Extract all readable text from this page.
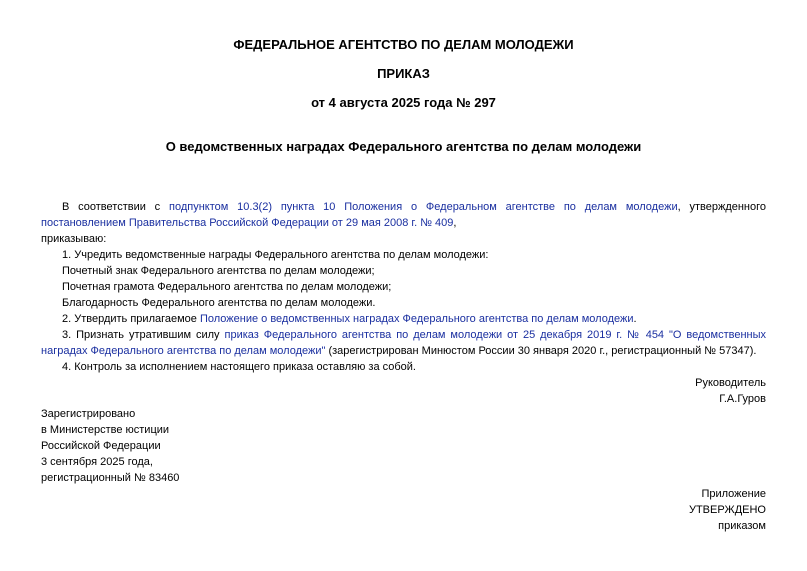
ФЕДЕРАЛЬНОЕ АГЕНТСТВО ПО ДЕЛАМ МОЛОДЕЖИ
ПРИКАЗ
от 4 августа 2025 года № 297
О ведомственных наградах Федерального агентства по делам молодежи

В соответствии с подпунктом 10.3(2) пункта 10 Положения о Федеральном агентстве по делам молодежи, утвержденного постановлением Правительства Российской Федерации от 29 мая 2008 г. № 409,

приказываю:

1. Учредить ведомственные награды Федерального агентства по делам молодежи:

Почетный знак Федерального агентства по делам молодежи;

Почетная грамота Федерального агентства по делам молодежи;

Благодарность Федерального агентства по делам молодежи.

2. Утвердить прилагаемое Положение о ведомственных наградах Федерального агентства по делам молодежи.

3. Признать утратившим силу приказ Федерального агентства по делам молодежи от 25 декабря 2019 г. № 454 "О ведомственных наградах Федерального агентства по делам молодежи" (зарегистрирован Минюстом России 30 января 2020 г., регистрационный № 57347).

4. Контроль за исполнением настоящего приказа оставляю за собой.

Руководитель
Г.А.Гуров
Зарегистрировано
в Министерстве юстиции
Российской Федерации
3 сентября 2025 года,
регистрационный № 83460
Приложение
УТВЕРЖДЕНО
приказом
